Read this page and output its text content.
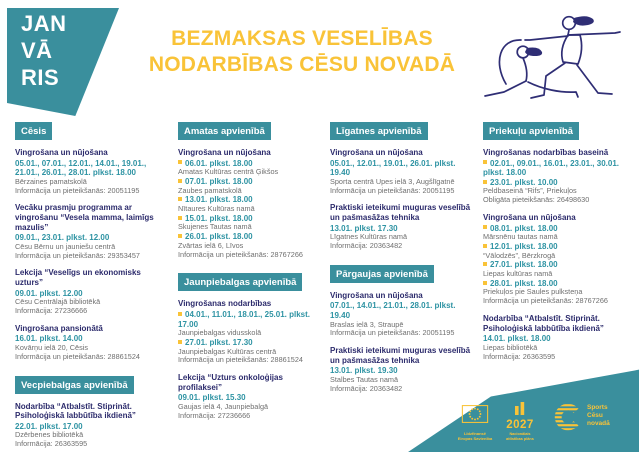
JAN
VĀ
RIS
BEZMAKSAS VESELĪBAS
NODARBĪBAS CĒSU NOVADĀ
Cēsis
Vingrošana un nūjošana
05.01., 07.01., 12.01., 14.01., 19.01., 21.01., 26.01., 28.01. plkst. 18.00
Bērzaines pamatskolā
Informācija un pieteikšanās: 20051195
Vecāku prasmju programma ar vingrošanu “Vesela mamma, laimīgs mazulis”
09.01., 23.01. plkst. 12.00
Cēsu Bērnu un jauniešu centrā
Informācija un pieteikšanās: 29353457
Lekcija “Veselīgs un ekonomisks uzturs”
09.01. plkst. 12.00
Cēsu Centrālajā bibliotēkā
Informācija: 27236666
Vingrošana pansionātā
16.01. plkst. 14.00
Kovārņu ielā 20, Cēsis
Informācija un pieteikšanās: 28861524
Vecpiebalgas apvienībā
Nodarbība “Atbalstīt. Stiprināt. Psiholoģiskā labbūtība ikdienā”
22.01. plkst. 17.00
Dzērbenes bibliotēkā
Informācija: 26363595
Amatas apvienībā
Vingrošana un nūjošana
06.01. plkst. 18.00
Amatas Kultūras centrā Ģikšos
07.01. plkst. 18.00
Zaubes pamatskolā
13.01. plkst. 18.00
Nītaures Kultūras namā
15.01. plkst. 18.00
Skujenes Tautas namā
26.01. plkst. 18.00
Zvārtas ielā 6, Līvos
Informācija un pieteikšanās: 28767266
Jaunpiebalgas apvienībā
Vingrošanas nodarbības
04.01., 11.01., 18.01., 25.01. plkst. 17.00
Jaunpiebalgas vidusskolā
27.01. plkst. 17.30
Jaunpiebalgas Kultūras centrā
Informācija un pieteikšanās: 28861524
Lekcija “Uzturs onkoloģijas profilaksei”
09.01. plkst. 15.30
Gaujas ielā 4, Jaunpiebalgā
Informācija: 27236666
Līgatnes apvienībā
Vingrošana un nūjošana
05.01., 12.01., 19.01., 26.01. plkst. 19.40
Sporta centrā Upes ielā 3, Augšlīgatnē
Informācija un pieteikšanās: 20051195
Praktiski ieteikumi muguras veselībā un pašmasāžas tehnika
13.01. plkst. 17.30
Līgatnes Kultūras namā
Informācija: 20363482
Pārgaujas apvienībā
Vingrošana un nūjošana
07.01., 14.01., 21.01., 28.01. plkst. 19.40
Braslas ielā 3, Straupē
Informācija un pieteikšanās: 20051195
Praktiski ieteikumi muguras veselībā un pašmasāžas tehnika
13.01. plkst. 19.30
Stalbes Tautas namā
Informācija: 20363482
Priekuļu apvienībā
Vingrošanas nodarbības baseinā
02.01., 09.01., 16.01., 23.01., 30.01. plkst. 18.00
23.01. plkst. 10.00
Peldbaseinā “Rifs”, Priekuļos
Obligāta pieteikšanās: 26498630
Vingrošana un nūjošana
08.01. plkst. 18.00
Mārsnēnu tautas namā
12.01. plkst. 18.00
“Vālodzēs”, Bērzkrogā
27.01. plkst. 18.00
Liepas kultūras namā
28.01. plkst. 18.00
Priekuļos pie Saules pulksteņa
Informācija un pieteikšanās: 28767266
Nodarbība “Atbalstīt. Stiprināt. Psiholoģiskā labbūtība ikdienā”
14.01. plkst. 18.00
Liepas bibliotēkā
Informācija: 26363595
Līdzfinansē
Eiropas Savienība
2027
Nacionālais
attīstības plāns
Sports
Cēsu
novadā
